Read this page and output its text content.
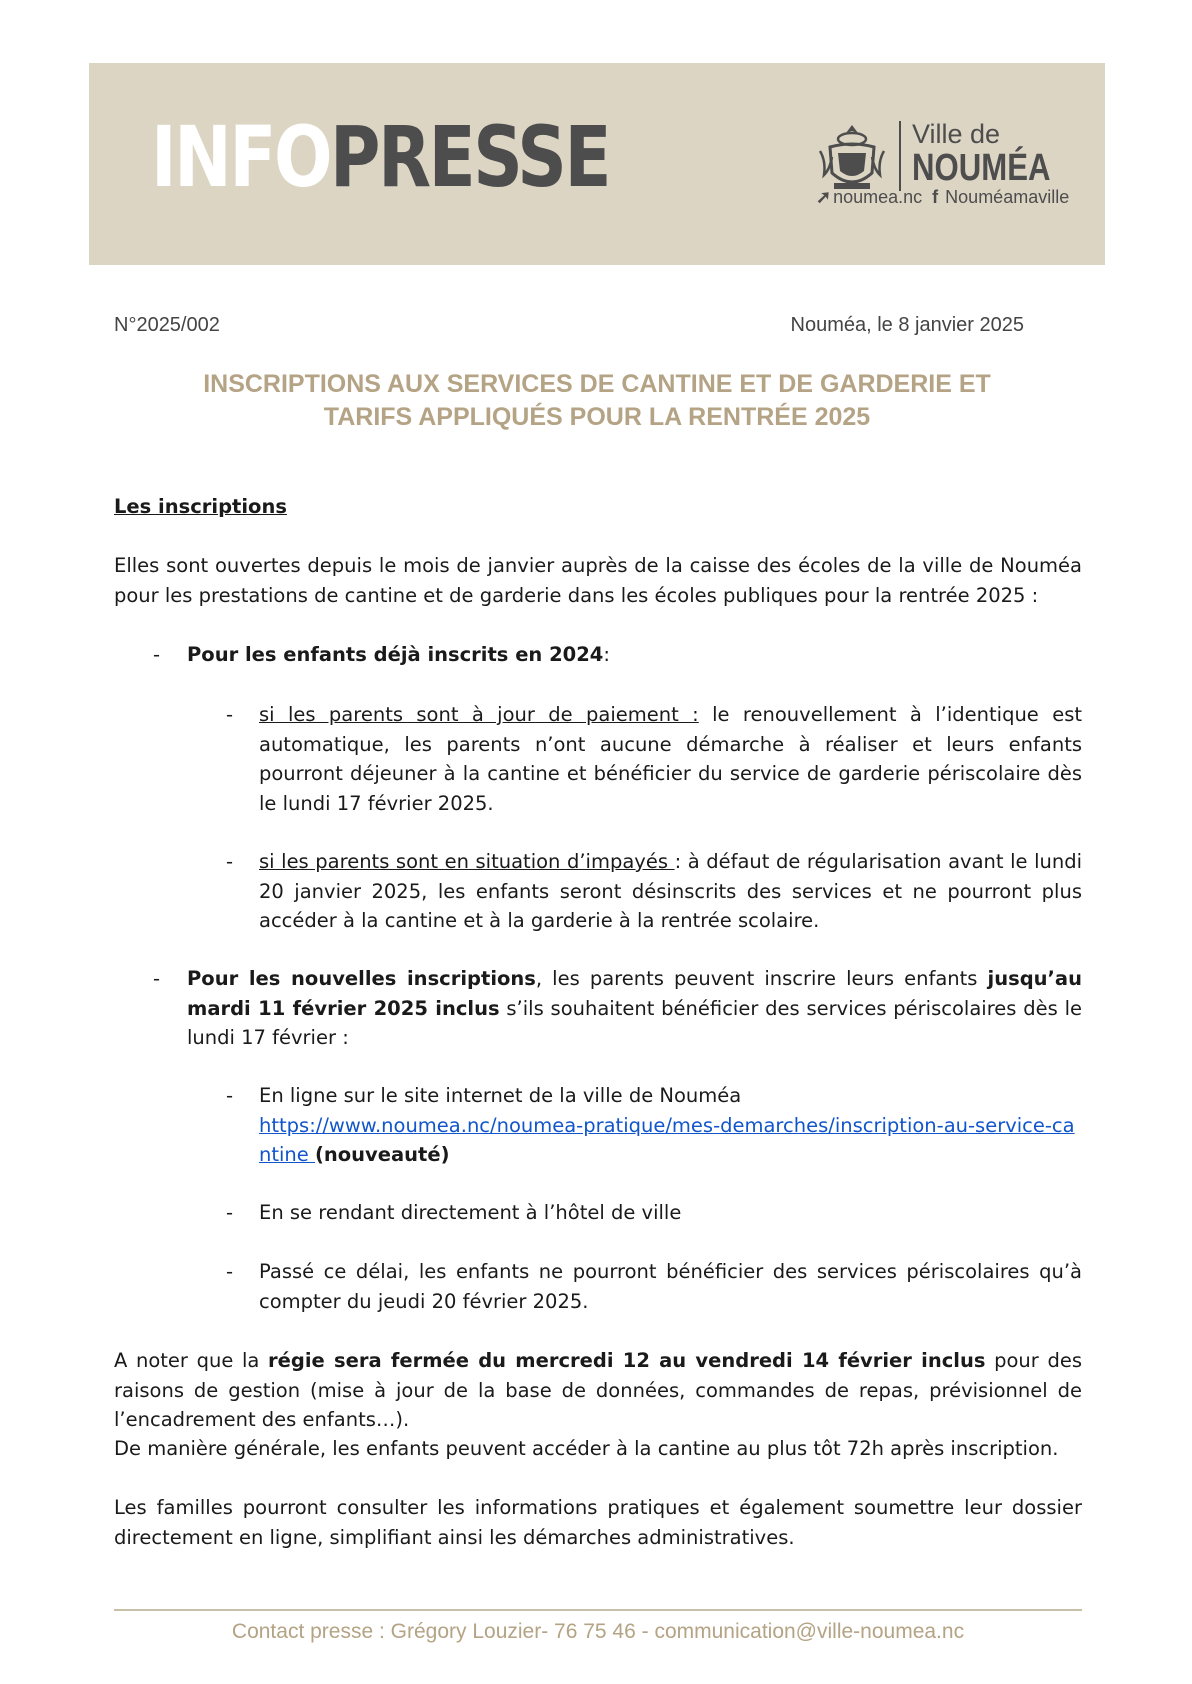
INFOPRESSE	Ville de
NOUMÉA
➚ noumea.nc f Nouméamaville
N°2025/002	Nouméa, le 8 janvier 2025
INSCRIPTIONS AUX SERVICES DE CANTINE ET DE GARDERIE ET
TARIFS APPLIQUÉS POUR LA RENTRÉE 2025
Les inscriptions
Elles sont ouvertes depuis le mois de janvier auprès de la caisse des écoles de la ville de Nouméa pour les prestations de cantine et de garderie dans les écoles publiques pour la rentrée 2025 :
- Pour les enfants déjà inscrits en 2024:
- si les parents sont à jour de paiement : le renouvellement à l’identique est automatique, les parents n’ont aucune démarche à réaliser et leurs enfants pourront déjeuner à la cantine et bénéficier du service de garderie périscolaire dès le lundi 17 février 2025.
- si les parents sont en situation d’impayés : à défaut de régularisation avant le lundi 20 janvier 2025, les enfants seront désinscrits des services et ne pourront plus accéder à la cantine et à la garderie à la rentrée scolaire.
- Pour les nouvelles inscriptions, les parents peuvent inscrire leurs enfants jusqu’au mardi 11 février 2025 inclus s’ils souhaitent bénéficier des services périscolaires dès le lundi 17 février :
- En ligne sur le site internet de la ville de Nouméa
https://www.noumea.nc/noumea-pratique/mes-demarches/inscription-au-service-cantine (nouveauté)
- En se rendant directement à l’hôtel de ville
- Passé ce délai, les enfants ne pourront bénéficier des services périscolaires qu’à compter du jeudi 20 février 2025.
A noter que la régie sera fermée du mercredi 12 au vendredi 14 février inclus pour des raisons de gestion (mise à jour de la base de données, commandes de repas, prévisionnel de l’encadrement des enfants…).
De manière générale, les enfants peuvent accéder à la cantine au plus tôt 72h après inscription.
Les familles pourront consulter les informations pratiques et également soumettre leur dossier directement en ligne, simplifiant ainsi les démarches administratives.
Contact presse : Grégory Louzier- 76 75 46 - communication@ville-noumea.nc
